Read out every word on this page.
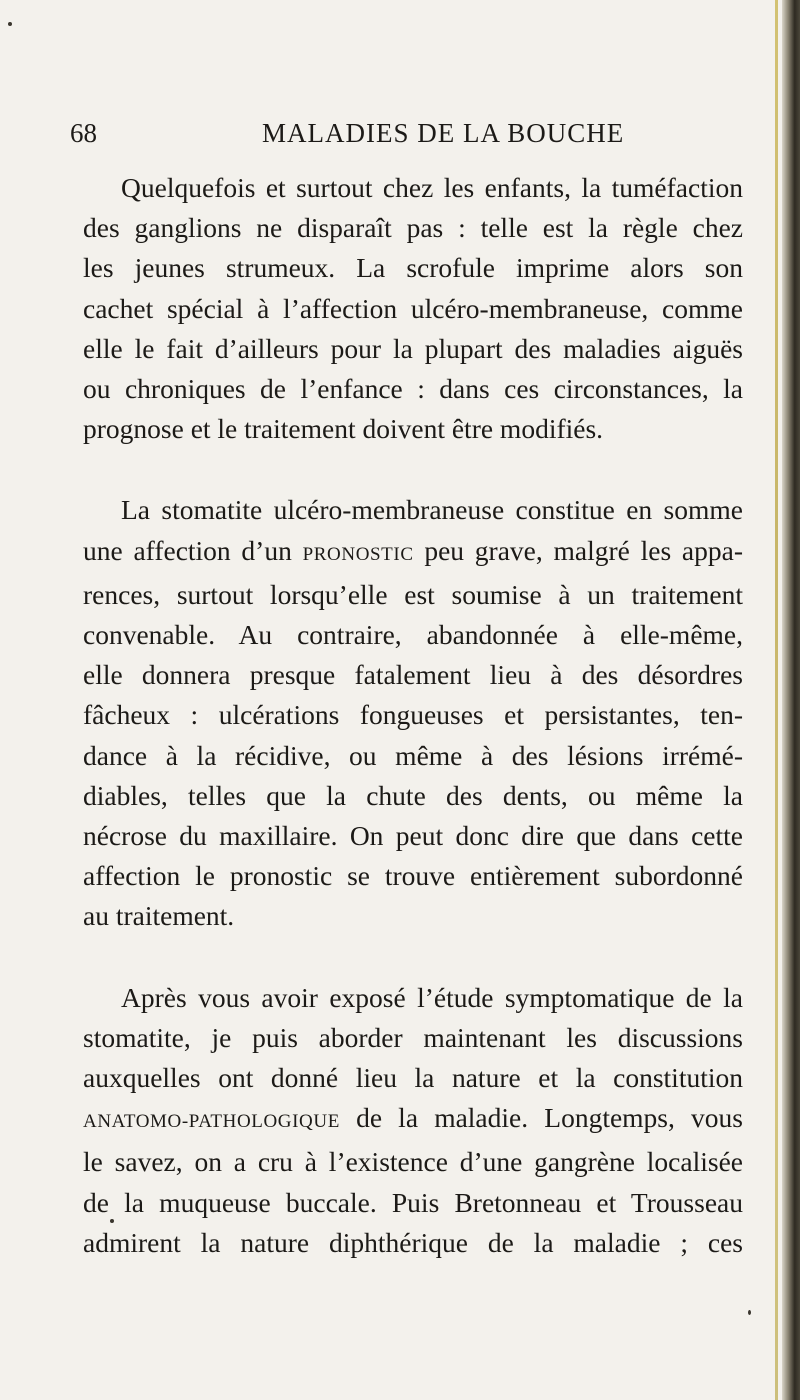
68	MALADIES DE LA BOUCHE
Quelquefois et surtout chez les enfants, la tuméfaction
des ganglions ne disparaît pas : telle est la règle chez
les jeunes strumeux. La scrofule imprime alors son
cachet spécial à l’affection ulcéro-membraneuse, comme
elle le fait d’ailleurs pour la plupart des maladies aiguës
ou chroniques de l’enfance : dans ces circonstances, la
prognose et le traitement doivent être modifiés.
La stomatite ulcéro-membraneuse constitue en somme
une affection d’un PRONOSTIC peu grave, malgré les appa-
rences, surtout lorsqu’elle est soumise à un traitement
convenable. Au contraire, abandonnée à elle-même,
elle donnera presque fatalement lieu à des désordres
fâcheux : ulcérations fongueuses et persistantes, ten-
dance à la récidive, ou même à des lésions irrémé-
diables, telles que la chute des dents, ou même la
nécrose du maxillaire. On peut donc dire que dans cette
affection le pronostic se trouve entièrement subordonné
au traitement.
Après vous avoir exposé l’étude symptomatique de la
stomatite, je puis aborder maintenant les discussions
auxquelles ont donné lieu la nature et la constitution
ANATOMO-PATHOLOGIQUE de la maladie. Longtemps, vous
le savez, on a cru à l’existence d’une gangrène localisée
de la muqueuse buccale. Puis Bretonneau et Trousseau
admirent la nature diphthérique de la maladie ; ces
